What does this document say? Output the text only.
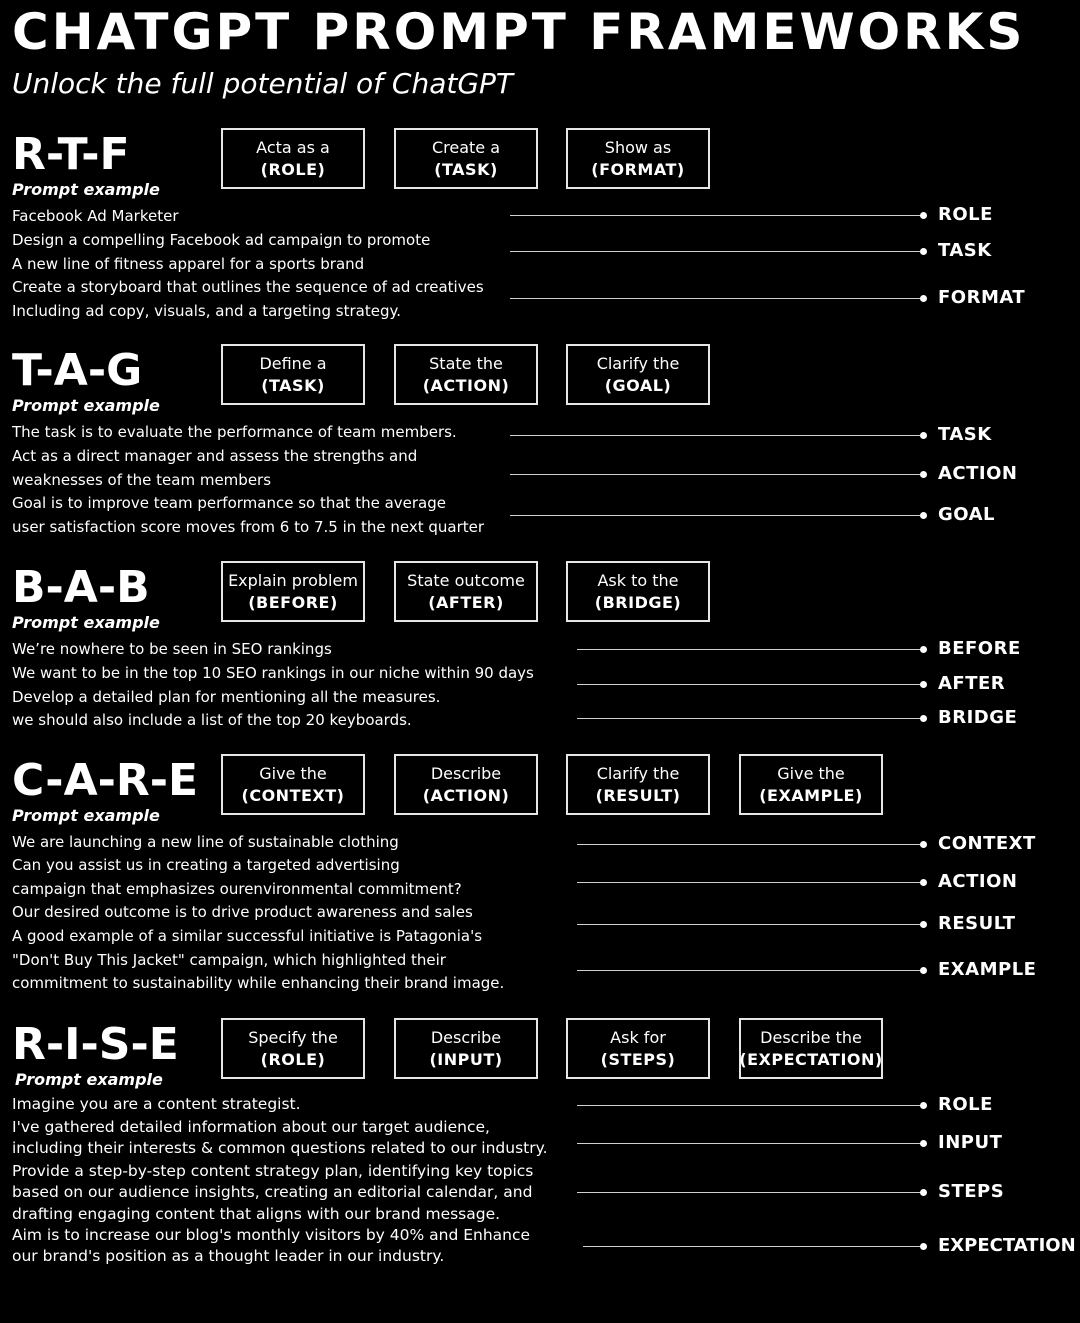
CHATGPT PROMPT FRAMEWORKS
Unlock the full potential of ChatGPT
R-T-F
Prompt example
Acta as a
(ROLE)
Create a
(TASK)
Show as
(FORMAT)
Facebook Ad Marketer
Design a compelling Facebook ad campaign to promote
A new line of fitness apparel for a sports brand
Create a storyboard that outlines the sequence of ad creatives
Including ad copy, visuals, and a targeting strategy.
ROLE
TASK
FORMAT
T-A-G
Prompt example
Define a
(TASK)
State the
(ACTION)
Clarify the
(GOAL)
The task is to evaluate the performance of team members.
Act as a direct manager and assess the strengths and
weaknesses of the team members
Goal is to improve team performance so that the average
user satisfaction score moves from 6 to 7.5 in the next quarter
TASK
ACTION
GOAL
B-A-B
Prompt example
Explain problem
(BEFORE)
State outcome
(AFTER)
Ask to the
(BRIDGE)
We’re nowhere to be seen in SEO rankings
We want to be in the top 10 SEO rankings in our niche within 90 days
Develop a detailed plan for mentioning all the measures.
we should also include a list of the top 20 keyboards.
BEFORE
AFTER
BRIDGE
C-A-R-E
Prompt example
Give the
(CONTEXT)
Describe
(ACTION)
Clarify the
(RESULT)
Give the
(EXAMPLE)
We are launching a new line of sustainable clothing
Can you assist us in creating a targeted advertising
campaign that emphasizes ourenvironmental commitment?
Our desired outcome is to drive product awareness and sales
A good example of a similar successful initiative is Patagonia's
"Don't Buy This Jacket" campaign, which highlighted their
commitment to sustainability while enhancing their brand image.
CONTEXT
ACTION
RESULT
EXAMPLE
R-I-S-E
Prompt example
Specify the
(ROLE)
Describe
(INPUT)
Ask for
(STEPS)
Describe the
(EXPECTATION)
Imagine you are a content strategist.
I've gathered detailed information about our target audience,
including their interests & common questions related to our industry.
Provide a step-by-step content strategy plan, identifying key topics
based on our audience insights, creating an editorial calendar, and
drafting engaging content that aligns with our brand message.
Aim is to increase our blog's monthly visitors by 40% and Enhance
our brand's position as a thought leader in our industry.
ROLE
INPUT
STEPS
EXPECTATION
